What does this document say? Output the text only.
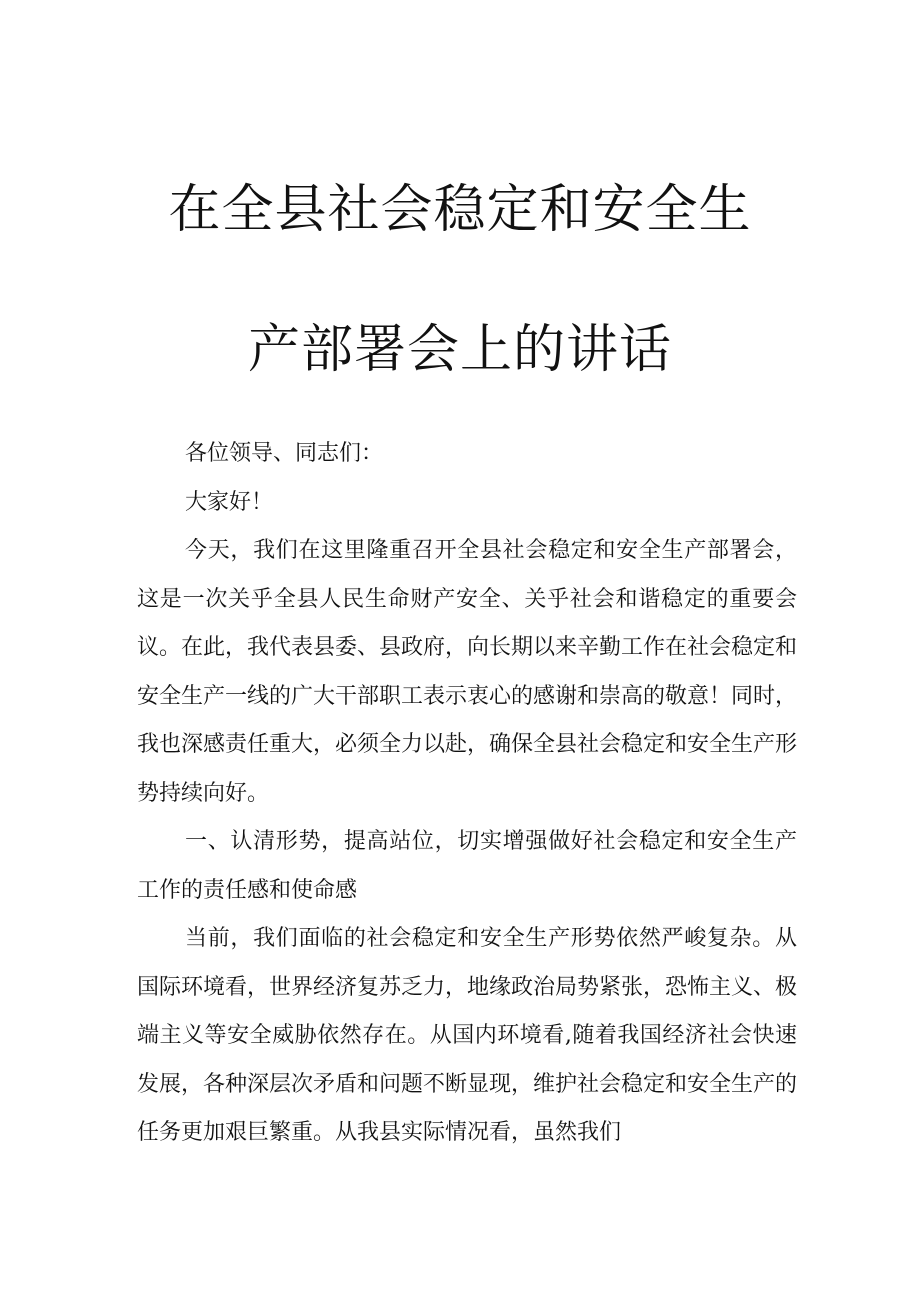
在全县社会稳定和安全生
产部署会上的讲话

各位领导、同志们：

大家好！

今天，我们在这里隆重召开全县社会稳定和安全生产部署会，这是一次关乎全县人民生命财产安全、关乎社会和谐稳定的重要会议。在此，我代表县委、县政府，向长期以来辛勤工作在社会稳定和安全生产一线的广大干部职工表示衷心的感谢和崇高的敬意！同时，我也深感责任重大，必须全力以赴，确保全县社会稳定和安全生产形势持续向好。

一、认清形势，提高站位，切实增强做好社会稳定和安全生产工作的责任感和使命感

当前，我们面临的社会稳定和安全生产形势依然严峻复杂。从国际环境看，世界经济复苏乏力，地缘政治局势紧张，恐怖主义、极端主义等安全威胁依然存在。从国内环境看,随着我国经济社会快速发展，各种深层次矛盾和问题不断显现，维护社会稳定和安全生产的任务更加艰巨繁重。从我县实际情况看，虽然我们
